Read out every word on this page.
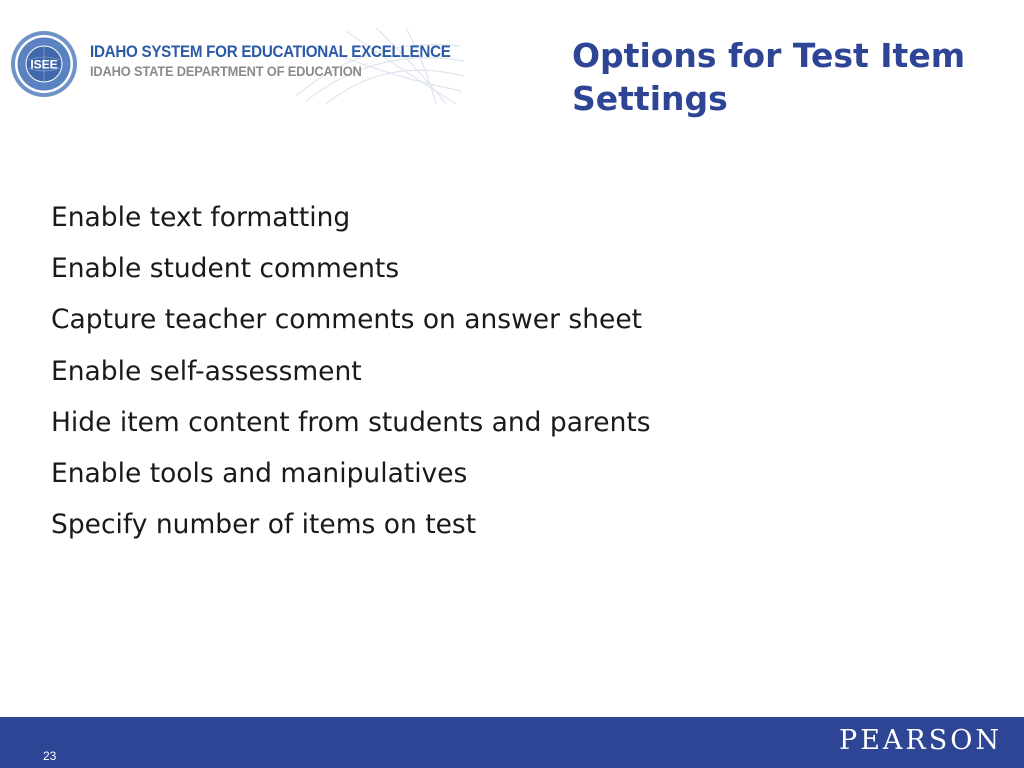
ISEE
IDAHO SYSTEM FOR EDUCATIONAL EXCELLENCE
IDAHO STATE DEPARTMENT OF EDUCATION	Options for Test Item Settings
Enable text formatting
Enable student comments
Capture teacher comments on answer sheet
Enable self-assessment
Hide item content from students and parents
Enable tools and manipulatives
Specify number of items on test
23	PEARSON
